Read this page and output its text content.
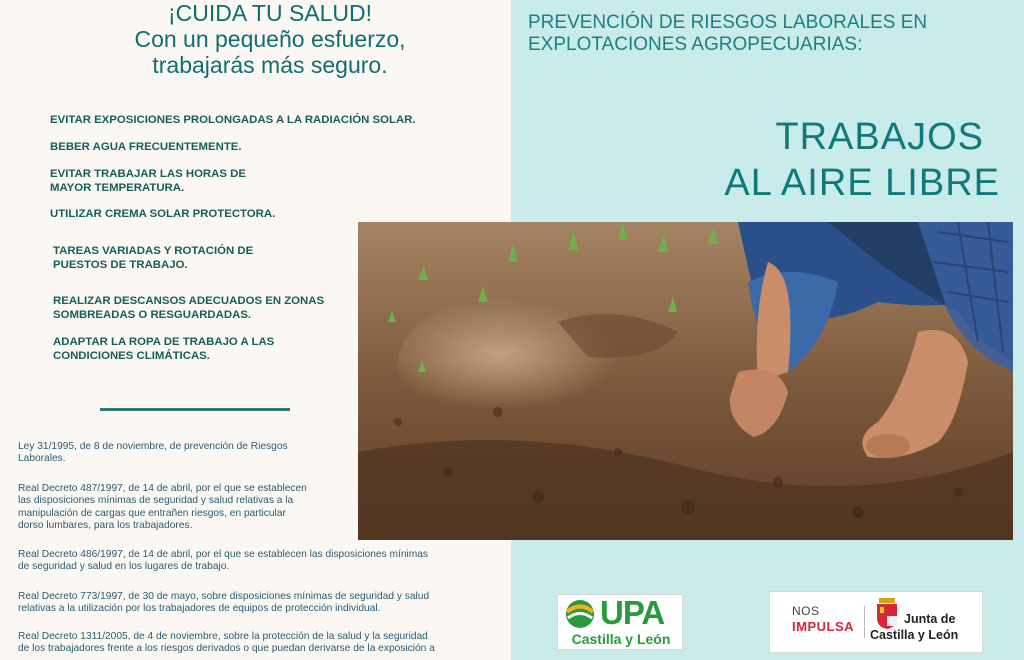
¡CUIDA TU SALUD!
Con un pequeño esfuerzo,
trabajarás más seguro.
EVITAR EXPOSICIONES PROLONGADAS A LA RADIACIÓN SOLAR.
BEBER AGUA FRECUENTEMENTE.
EVITAR TRABAJAR LAS HORAS DE
MAYOR TEMPERATURA.
UTILIZAR CREMA SOLAR PROTECTORA.
TAREAS VARIADAS Y ROTACIÓN DE
PUESTOS DE TRABAJO.
REALIZAR DESCANSOS ADECUADOS EN ZONAS
SOMBREADAS O RESGUARDADAS.
ADAPTAR LA ROPA DE TRABAJO A LAS
CONDICIONES CLIMÁTICAS.
Ley 31/1995, de 8 de noviembre, de prevención de Riesgos
Laborales.
Real Decreto 487/1997, de 14 de abril, por el que se establecen
las disposiciones mínimas de seguridad y salud relativas a la
manipulación de cargas que entrañen riesgos, en particular
dorso lumbares, para los trabajadores.
Real Decreto 486/1997, de 14 de abril, por el que se establecen las disposiciones mínimas
de seguridad y salud en los lugares de trabajo.
Real Decreto 773/1997, de 30 de mayo, sobre disposiciones mínimas de seguridad y salud
relativas a la utilización por los trabajadores de equipos de protección individual.
Real Decreto 1311/2005, de 4 de noviembre, sobre la protección de la salud y la seguridad
de los trabajadores frente a los riesgos derivados o que puedan derivarse de la exposición a
PREVENCIÓN DE RIESGOS LABORALES EN
EXPLOTACIONES AGROPECUARIAS:
TRABAJOS
AL AIRE LIBRE
UPA
Castilla y León
NOS
IMPULSA	Junta de
Castilla y León
